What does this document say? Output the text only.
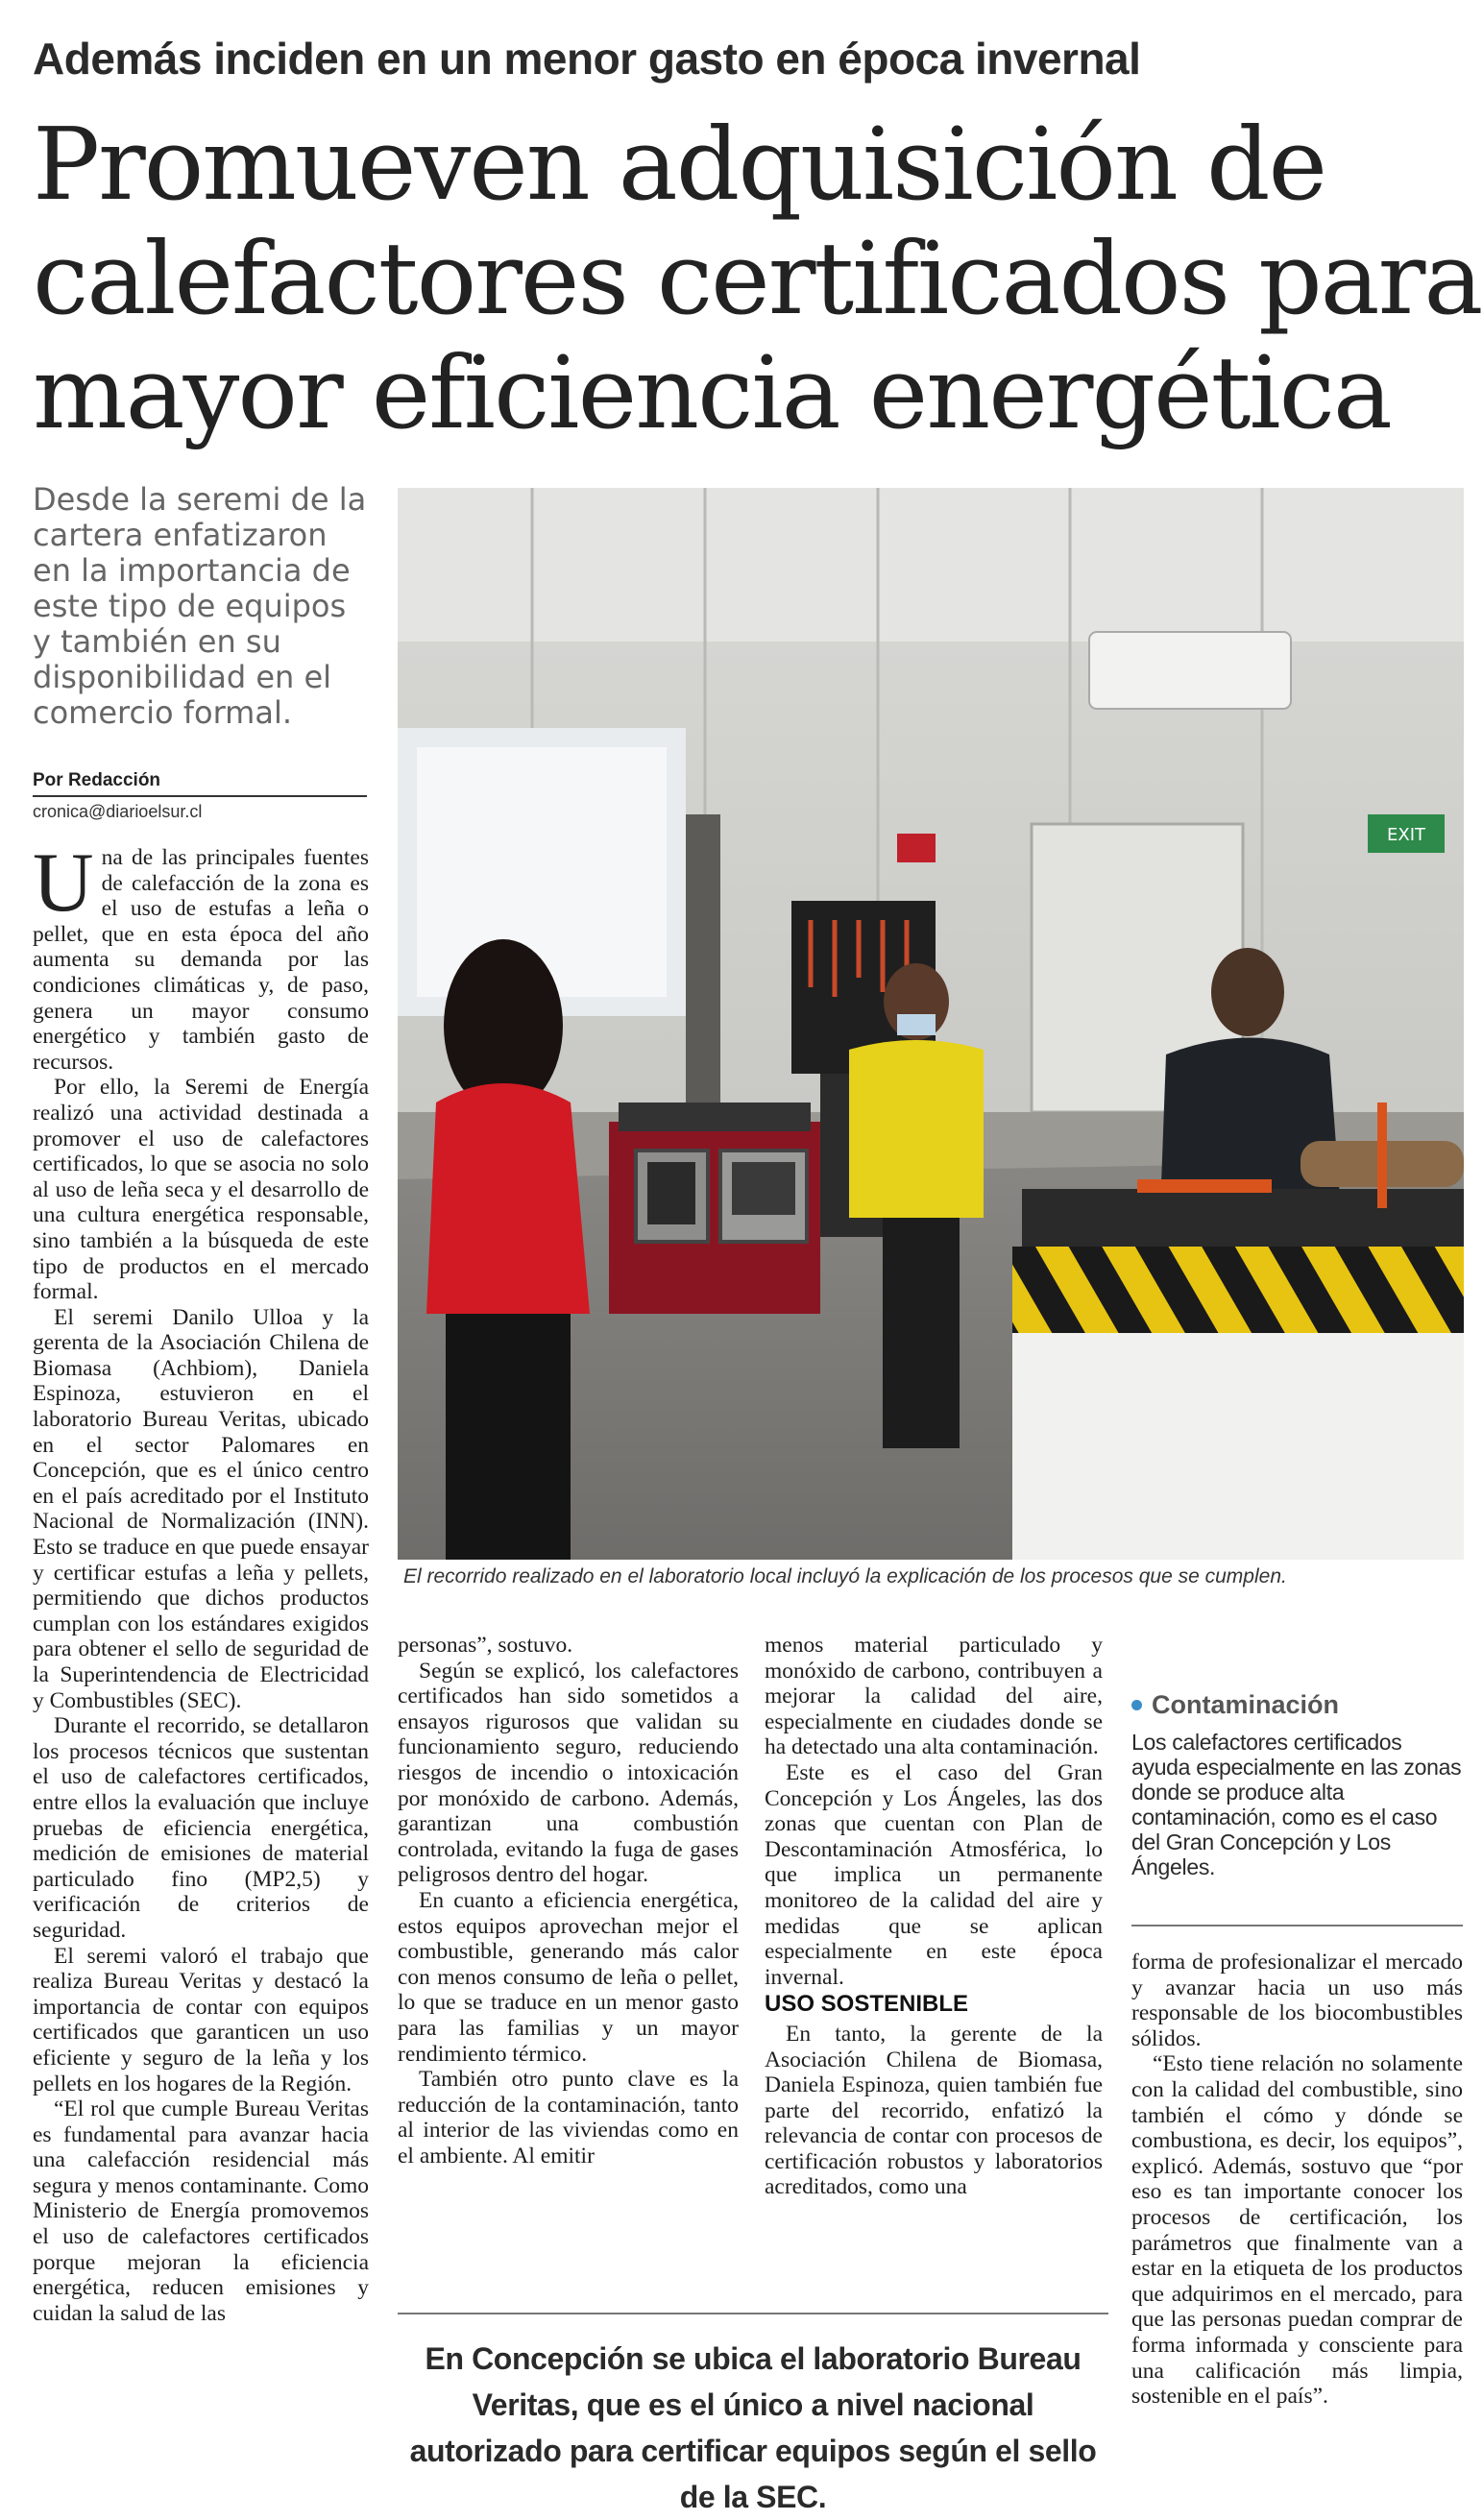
Además inciden en un menor gasto en época invernal
Promueven adquisición de
calefactores certificados para
mayor eficiencia energética
Desde la seremi de la cartera enfatizaron en la importancia de este tipo de equipos y también en su disponibilidad en el comercio formal.
Por Redacción
cronica@diarioelsur.cl
EXIT
El recorrido realizado en el laboratorio local incluyó la explicación de los procesos que se cumplen.

Una de las principales fuentes de calefacción de la zona es el uso de estufas a leña o pellet, que en esta época del año aumenta su demanda por las condiciones climáticas y, de paso, genera un mayor consumo energético y también gasto de recursos.

Por ello, la Seremi de Energía realizó una actividad destinada a promover el uso de calefactores certificados, lo que se asocia no solo al uso de leña seca y el desarrollo de una cultura energética responsable, sino también a la búsqueda de este tipo de productos en el mercado formal.

El seremi Danilo Ulloa y la gerenta de la Asociación Chilena de Biomasa (Achbiom), Daniela Espinoza, estuvieron en el laboratorio Bureau Veritas, ubicado en el sector Palomares en Concepción, que es el único centro en el país acreditado por el Instituto Nacional de Normalización (INN). Esto se traduce en que puede ensayar y certificar estufas a leña y pellets, permitiendo que dichos productos cumplan con los estándares exigidos para obtener el sello de seguridad de la Superintendencia de Electricidad y Combustibles (SEC).

Durante el recorrido, se detallaron los procesos técnicos que sustentan el uso de calefactores certificados, entre ellos la evaluación que incluye pruebas de eficiencia energética, medición de emisiones de material particulado fino (MP2,5) y verificación de criterios de seguridad.

El seremi valoró el trabajo que realiza Bureau Veritas y destacó la importancia de contar con equipos certificados que garanticen un uso eficiente y seguro de la leña y los pellets en los hogares de la Región.

“El rol que cumple Bureau Veritas es fundamental para avanzar hacia una calefacción residencial más segura y menos contaminante. Como Ministerio de Energía promovemos el uso de calefactores certificados porque mejoran la eficiencia energética, reducen emisiones y cuidan la salud de las

personas”, sostuvo.

Según se explicó, los calefactores certificados han sido sometidos a ensayos rigurosos que validan su funcionamiento seguro, reduciendo riesgos de incendio o intoxicación por monóxido de carbono. Además, garantizan una combustión controlada, evitando la fuga de gases peligrosos dentro del hogar.

En cuanto a eficiencia energética, estos equipos aprovechan mejor el combustible, generando más calor con menos consumo de leña o pellet, lo que se traduce en un menor gasto para las familias y un mayor rendimiento térmico.

También otro punto clave es la reducción de la contaminación, tanto al interior de las viviendas como en el ambiente. Al emitir

menos material particulado y monóxido de carbono, contribuyen a mejorar la calidad del aire, especialmente en ciudades donde se ha detectado una alta contaminación.

Este es el caso del Gran Concepción y Los Ángeles, las dos zonas que cuentan con Plan de Descontaminación Atmosférica, lo que implica un permanente monitoreo de la calidad del aire y medidas que se aplican especialmente en este época invernal.

USO SOSTENIBLE

En tanto, la gerente de la Asociación Chilena de Biomasa, Daniela Espinoza, quien también fue parte del recorrido, enfatizó la relevancia de contar con procesos de certificación robustos y laboratorios acreditados, como una

Contaminación
Los calefactores certificados ayuda especialmente en las zonas donde se produce alta contaminación, como es el caso del Gran Concepción y Los Ángeles.

forma de profesionalizar el mercado y avanzar hacia un uso más responsable de los biocombustibles sólidos.

“Esto tiene relación no solamente con la calidad del combustible, sino también el cómo y dónde se combustiona, es decir, los equipos”, explicó. Además, sostuvo que “por eso es tan importante conocer los procesos de certificación, los parámetros que finalmente van a estar en la etiqueta de los productos que adquirimos en el mercado, para que las personas puedan comprar de forma informada y consciente para una calificación más limpia, sostenible en el país”.

En Concepción se ubica el laboratorio Bureau Veritas, que es el único a nivel nacional autorizado para certificar equipos según el sello de la SEC.
